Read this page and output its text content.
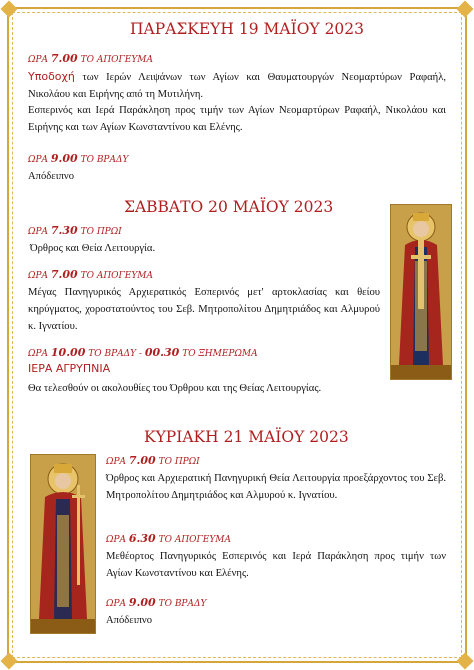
ΠΑΡΑΣΚΕΥΗ 19 ΜΑΪΟΥ 2023
ΩΡΑ 7.00 ΤΟ ΑΠΟΓΕΥΜΑ
Υποδοχή των Ιερών Λειψάνων των Αγίων και Θαυματουργών Νεομαρτύρων Ραφαήλ, Νικολάου και Ειρήνης από τη Μυτιλήνη.
Εσπερινός και Ιερά Παράκληση προς τιμήν των Αγίων Νεομαρτύρων Ραφαήλ, Νικολάου και Ειρήνης και των Αγίων Κωνσταντίνου και Ελένης.
ΩΡΑ 9.00 ΤΟ ΒΡΑΔΥ
Απόδειπνο
ΣΑΒΒΑΤΟ 20 ΜΑΪΟΥ 2023
ΩΡΑ 7.30 ΤΟ ΠΡΩΙ
Όρθρος και Θεία Λειτουργία.
ΩΡΑ 7.00 ΤΟ ΑΠΟΓΕΥΜΑ
Μέγας Πανηγυρικός Αρχιερατικός Εσπερινός μετ' αρτοκλασίας και θείου κηρύγματος, χοροστατούντος του Σεβ. Μητροπολίτου Δημητριάδος και Αλμυρού κ. Ιγνατίου.
ΩΡΑ 10.00 ΤΟ ΒΡΑΔΥ - 00.30 ΤΟ ΞΗΜΕΡΩΜΑ
ΙΕΡΑ ΑΓΡΥΠΝΙΑ
Θα τελεσθούν οι ακολουθίες του Όρθρου και της Θείας Λειτουργίας.
ΚΥΡΙΑΚΗ 21 ΜΑΪΟΥ 2023
ΩΡΑ 7.00 ΤΟ ΠΡΩΙ
Όρθρος και Αρχιερατική Πανηγυρική Θεία Λειτουργία προεξάρχοντος του Σεβ. Μητροπολίτου Δημητριάδος και Αλμυρού κ. Ιγνατίου.
ΩΡΑ 6.30 ΤΟ ΑΠΟΓΕΥΜΑ
Μεθέορτος Πανηγυρικός Εσπερινός και Ιερά Παράκληση προς τιμήν των Αγίων Κωνσταντίνου και Ελένης.
ΩΡΑ 9.00 ΤΟ ΒΡΑΔΥ
Απόδειπνο
